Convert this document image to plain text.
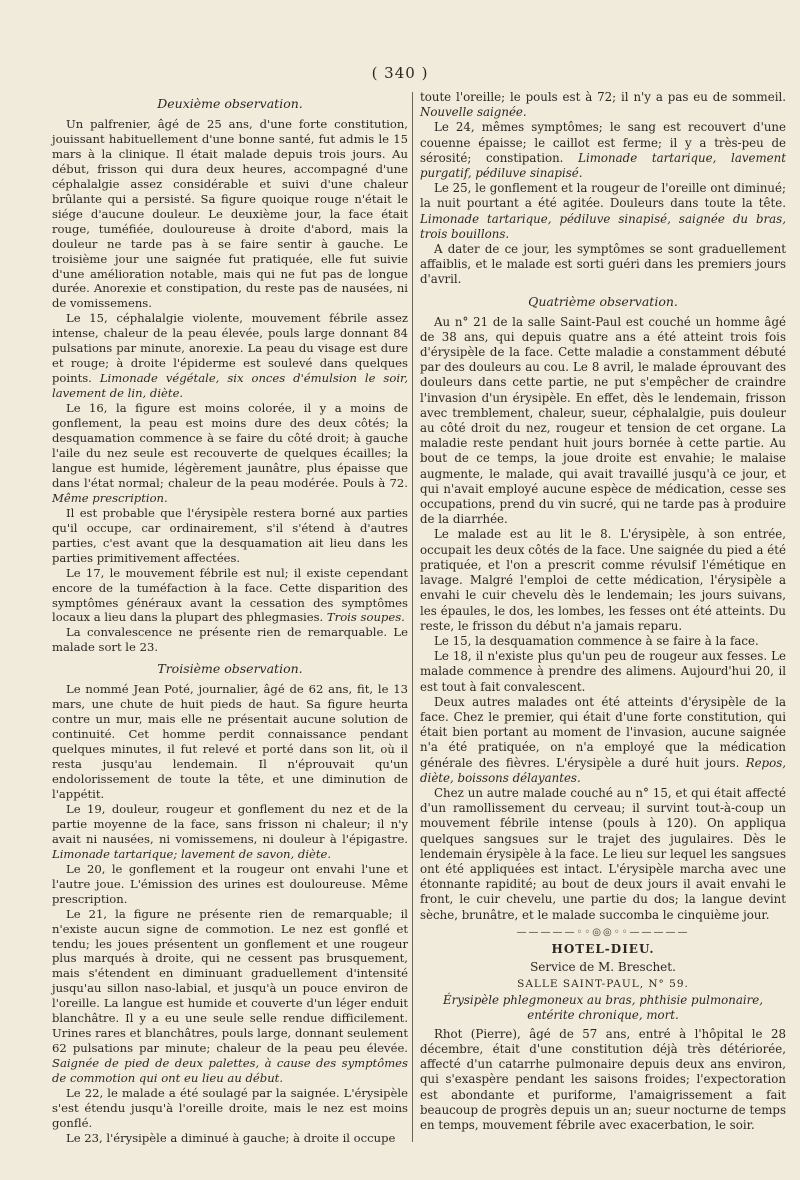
( 340 )
Deuxième observation.

Un palfrenier, âgé de 25 ans, d'une forte constitution, jouissant habituellement d'une bonne santé, fut admis le 15 mars à la clinique. Il était malade depuis trois jours. Au début, frisson qui dura deux heures, accompagné d'une céphalalgie assez considérable et suivi d'une chaleur brûlante qui a persisté. Sa figure quoique rouge n'était le siége d'aucune douleur. Le deuxième jour, la face était rouge, tuméfiée, douloureuse à droite d'abord, mais la douleur ne tarde pas à se faire sentir à gauche. Le troisième jour une saignée fut pratiquée, elle fut suivie d'une amélioration notable, mais qui ne fut pas de longue durée. Anorexie et constipation, du reste pas de nausées, ni de vomissemens.

Le 15, céphalalgie violente, mouvement fébrile assez intense, chaleur de la peau élevée, pouls large donnant 84 pulsations par minute, anorexie. La peau du visage est dure et rouge; à droite l'épiderme est soulevé dans quelques points. Limonade végétale, six onces d'émulsion le soir, lavement de lin, diète.

Le 16, la figure est moins colorée, il y a moins de gonflement, la peau est moins dure des deux côtés; la desquamation commence à se faire du côté droit; à gauche l'aile du nez seule est recouverte de quelques écailles; la langue est humide, légèrement jaunâtre, plus épaisse que dans l'état normal; chaleur de la peau modérée. Pouls à 72. Même prescription.

Il est probable que l'érysipèle restera borné aux parties qu'il occupe, car ordinairement, s'il s'étend à d'autres parties, c'est avant que la desquamation ait lieu dans les parties primitivement affectées.

Le 17, le mouvement fébrile est nul; il existe cependant encore de la tuméfaction à la face. Cette disparition des symptômes généraux avant la cessation des symptômes locaux a lieu dans la plupart des phlegmasies. Trois soupes.

La convalescence ne présente rien de remarquable. Le malade sort le 23.

Troisième observation.

Le nommé Jean Poté, journalier, âgé de 62 ans, fit, le 13 mars, une chute de huit pieds de haut. Sa figure heurta contre un mur, mais elle ne présentait aucune solution de continuité. Cet homme perdit connaissance pendant quelques minutes, il fut relevé et porté dans son lit, où il resta jusqu'au lendemain. Il n'éprouvait qu'un endolorissement de toute la tête, et une diminution de l'appétit.

Le 19, douleur, rougeur et gonflement du nez et de la partie moyenne de la face, sans frisson ni chaleur; il n'y avait ni nausées, ni vomissemens, ni douleur à l'épigastre. Limonade tartarique; lavement de savon, diète.

Le 20, le gonflement et la rougeur ont envahi l'une et l'autre joue. L'émission des urines est douloureuse. Même prescription.

Le 21, la figure ne présente rien de remarquable; il n'existe aucun signe de commotion. Le nez est gonflé et tendu; les joues présentent un gonflement et une rougeur plus marqués à droite, qui ne cessent pas brusquement, mais s'étendent en diminuant graduellement d'intensité jusqu'au sillon naso-labial, et jusqu'à un pouce environ de l'oreille. La langue est humide et couverte d'un léger enduit blanchâtre. Il y a eu une seule selle rendue difficilement. Urines rares et blanchâtres, pouls large, donnant seulement 62 pulsations par minute; chaleur de la peau peu élevée. Saignée de pied de deux palettes, à cause des symptômes de commotion qui ont eu lieu au début.

Le 22, le malade a été soulagé par la saignée. L'érysipèle s'est étendu jusqu'à l'oreille droite, mais le nez est moins gonflé.

Le 23, l'érysipèle a diminué à gauche; à droite il occupe

toute l'oreille; le pouls est à 72; il n'y a pas eu de sommeil. Nouvelle saignée.

Le 24, mêmes symptômes; le sang est recouvert d'une couenne épaisse; le caillot est ferme; il y a très-peu de sérosité; constipation. Limonade tartarique, lavement purgatif, pédiluve sinapisé.

Le 25, le gonflement et la rougeur de l'oreille ont diminué; la nuit pourtant a été agitée. Douleurs dans toute la tête. Limonade tartarique, pédiluve sinapisé, saignée du bras, trois bouillons.

A dater de ce jour, les symptômes se sont graduellement affaiblis, et le malade est sorti guéri dans les premiers jours d'avril.

Quatrième observation.

Au n° 21 de la salle Saint-Paul est couché un homme âgé de 38 ans, qui depuis quatre ans a été atteint trois fois d'érysipèle de la face. Cette maladie a constamment débuté par des douleurs au cou. Le 8 avril, le malade éprouvant des douleurs dans cette partie, ne put s'empêcher de craindre l'invasion d'un érysipèle. En effet, dès le lendemain, frisson avec tremblement, chaleur, sueur, céphalalgie, puis douleur au côté droit du nez, rougeur et tension de cet organe. La maladie reste pendant huit jours bornée à cette partie. Au bout de ce temps, la joue droite est envahie; le malaise augmente, le malade, qui avait travaillé jusqu'à ce jour, et qui n'avait employé aucune espèce de médication, cesse ses occupations, prend du vin sucré, qui ne tarde pas à produire de la diarrhée.

Le malade est au lit le 8. L'érysipèle, à son entrée, occupait les deux côtés de la face. Une saignée du pied a été pratiquée, et l'on a prescrit comme révulsif l'émétique en lavage. Malgré l'emploi de cette médication, l'érysipèle a envahi le cuir chevelu dès le lendemain; les jours suivans, les épaules, le dos, les lombes, les fesses ont été atteints. Du reste, le frisson du début n'a jamais reparu.

Le 15, la desquamation commence à se faire à la face.

Le 18, il n'existe plus qu'un peu de rougeur aux fesses. Le malade commence à prendre des alimens. Aujourd'hui 20, il est tout à fait convalescent.

Deux autres malades ont été atteints d'érysipèle de la face. Chez le premier, qui était d'une forte constitution, qui était bien portant au moment de l'invasion, aucune saignée n'a été pratiquée, on n'a employé que la médication générale des fièvres. L'érysipèle a duré huit jours. Repos, diète, boissons délayantes.

Chez un autre malade couché au n° 15, et qui était affecté d'un ramollissement du cerveau; il survint tout-à-coup un mouvement fébrile intense (pouls à 120). On appliqua quelques sangsues sur le trajet des jugulaires. Dès le lendemain érysipèle à la face. Le lieu sur lequel les sangsues ont été appliquées est intact. L'érysipèle marcha avec une étonnante rapidité; au bout de deux jours il avait envahi le front, le cuir chevelu, une partie du dos; la langue devint sèche, brunâtre, et le malade succomba le cinquième jour.

—————◦◦◎◎◦◦—————
HOTEL-DIEU.
Service de M. Breschet.
SALLE SAINT-PAUL, N° 59.
Érysipèle phlegmoneux au bras, phthisie pulmonaire, entérite chronique, mort.

Rhot (Pierre), âgé de 57 ans, entré à l'hôpital le 28 décembre, était d'une constitution déjà très détériorée, affecté d'un catarrhe pulmonaire depuis deux ans environ, qui s'exaspère pendant les saisons froides; l'expectoration est abondante et puriforme, l'amaigrissement a fait beaucoup de progrès depuis un an; sueur nocturne de temps en temps, mouvement fébrile avec exacerbation, le soir.
